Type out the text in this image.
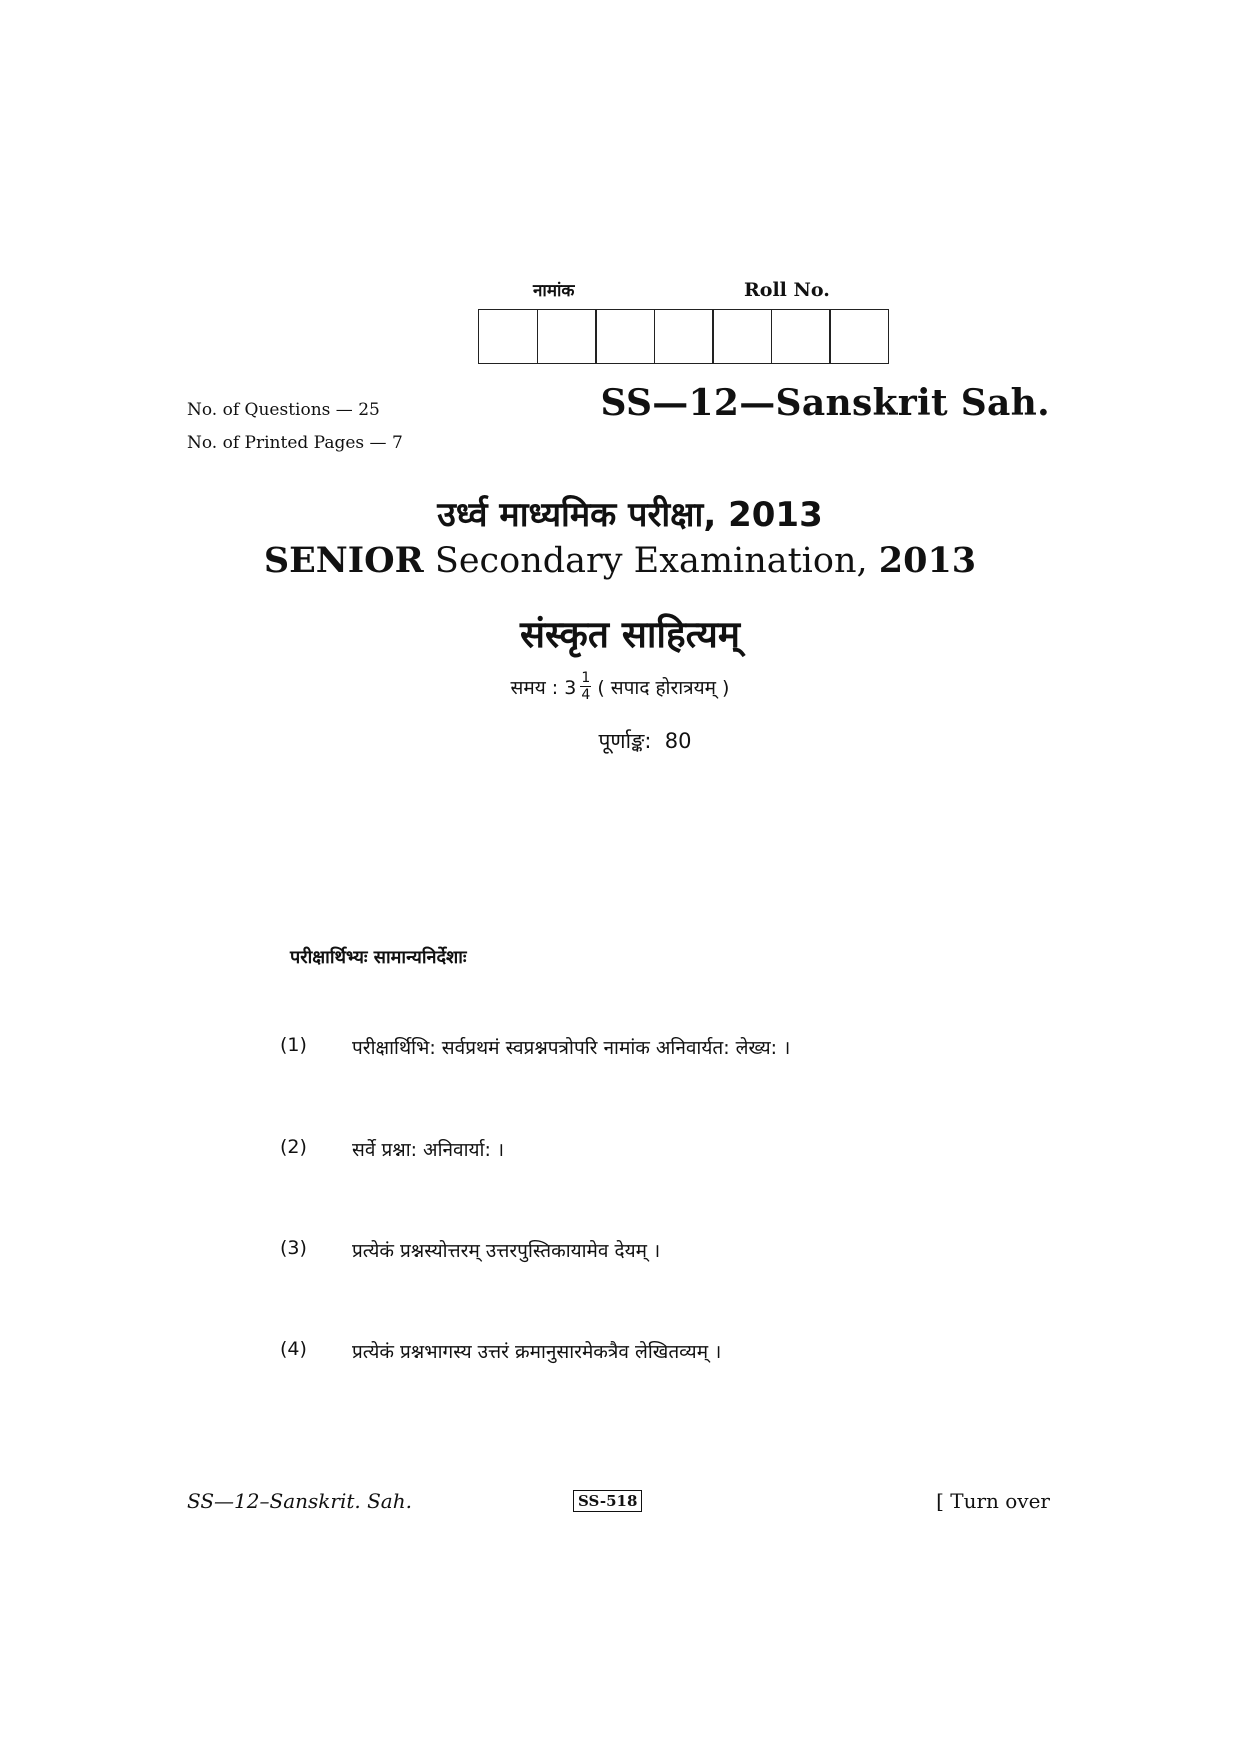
नामांक	Roll No.
No. of Questions — 25
No. of Printed Pages — 7
SS—12—Sanskrit Sah.
उर्ध्व माध्यमिक परीक्षा, 2013
SENIOR Secondary Examination, 2013
संस्कृत साहित्यम्
समय : $3 \frac{1}{4}$ ( सपाद होरात्रयम् )
पूर्णाङ्क:  80
परीक्षार्थिभ्यः सामान्यनिर्देशाः
(1)	परीक्षार्थिभि: सर्वप्रथमं स्वप्रश्नपत्रोपरि नामांक अनिवार्यत: लेख्य: ।
(2)	सर्वे प्रश्ना: अनिवार्या: ।
(3)	प्रत्येकं प्रश्नस्योत्तरम् उत्तरपुस्तिकायामेव देयम् ।
(4)	प्रत्येकं प्रश्नभागस्य उत्तरं क्रमानुसारमेकत्रैव लेखितव्यम् ।
SS—12–Sanskrit. Sah.	SS-518	[ Turn over
